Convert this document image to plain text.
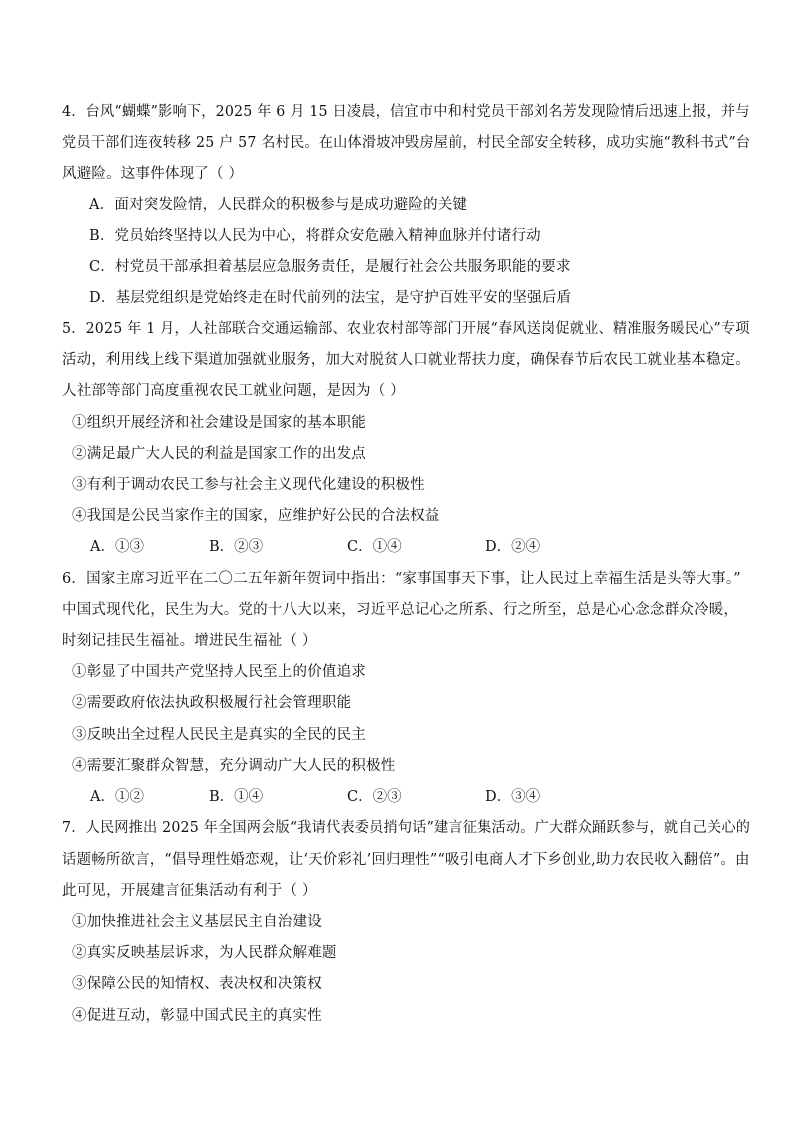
4．台风“蝴蝶”影响下，2025 年 6 月 15 日凌晨，信宜市中和村党员干部刘名芳发现险情后迅速上报，并与
党员干部们连夜转移 25 户 57 名村民。在山体滑坡冲毁房屋前，村民全部安全转移，成功实施“教科书式”台
风避险。这事件体现了（ ）
A．面对突发险情，人民群众的积极参与是成功避险的关键
B．党员始终坚持以人民为中心，将群众安危融入精神血脉并付诸行动
C．村党员干部承担着基层应急服务责任，是履行社会公共服务职能的要求
D．基层党组织是党始终走在时代前列的法宝，是守护百姓平安的坚强后盾
5．2025 年 1 月，人社部联合交通运输部、农业农村部等部门开展“春风送岗促就业、精准服务暖民心”专项
活动，利用线上线下渠道加强就业服务，加大对脱贫人口就业帮扶力度，确保春节后农民工就业基本稳定。
人社部等部门高度重视农民工就业问题，是因为（ ）
①组织开展经济和社会建设是国家的基本职能
②满足最广大人民的利益是国家工作的出发点
③有利于调动农民工参与社会主义现代化建设的积极性
④我国是公民当家作主的国家，应维护好公民的合法权益
A．①③	B．②③	C．①④	D．②④
6．国家主席习近平在二〇二五年新年贺词中指出：“家事国事天下事，让人民过上幸福生活是头等大事。”
中国式现代化，民生为大。党的十八大以来，习近平总记心之所系、行之所至，总是心心念念群众冷暖，
时刻记挂民生福祉。增进民生福祉（ ）
①彰显了中国共产党坚持人民至上的价值追求
②需要政府依法执政积极履行社会管理职能
③反映出全过程人民民主是真实的全民的民主
④需要汇聚群众智慧，充分调动广大人民的积极性
A．①②	B．①④	C．②③	D．③④
7．人民网推出 2025 年全国两会版“我请代表委员捎句话”建言征集活动。广大群众踊跃参与，就自己关心的
话题畅所欲言，“倡导理性婚恋观，让‘天价彩礼’回归理性”“吸引电商人才下乡创业,助力农民收入翻倍”。由
此可见，开展建言征集活动有利于（ ）
①加快推进社会主义基层民主自治建设
②真实反映基层诉求，为人民群众解难题
③保障公民的知情权、表决权和决策权
④促进互动，彰显中国式民主的真实性
